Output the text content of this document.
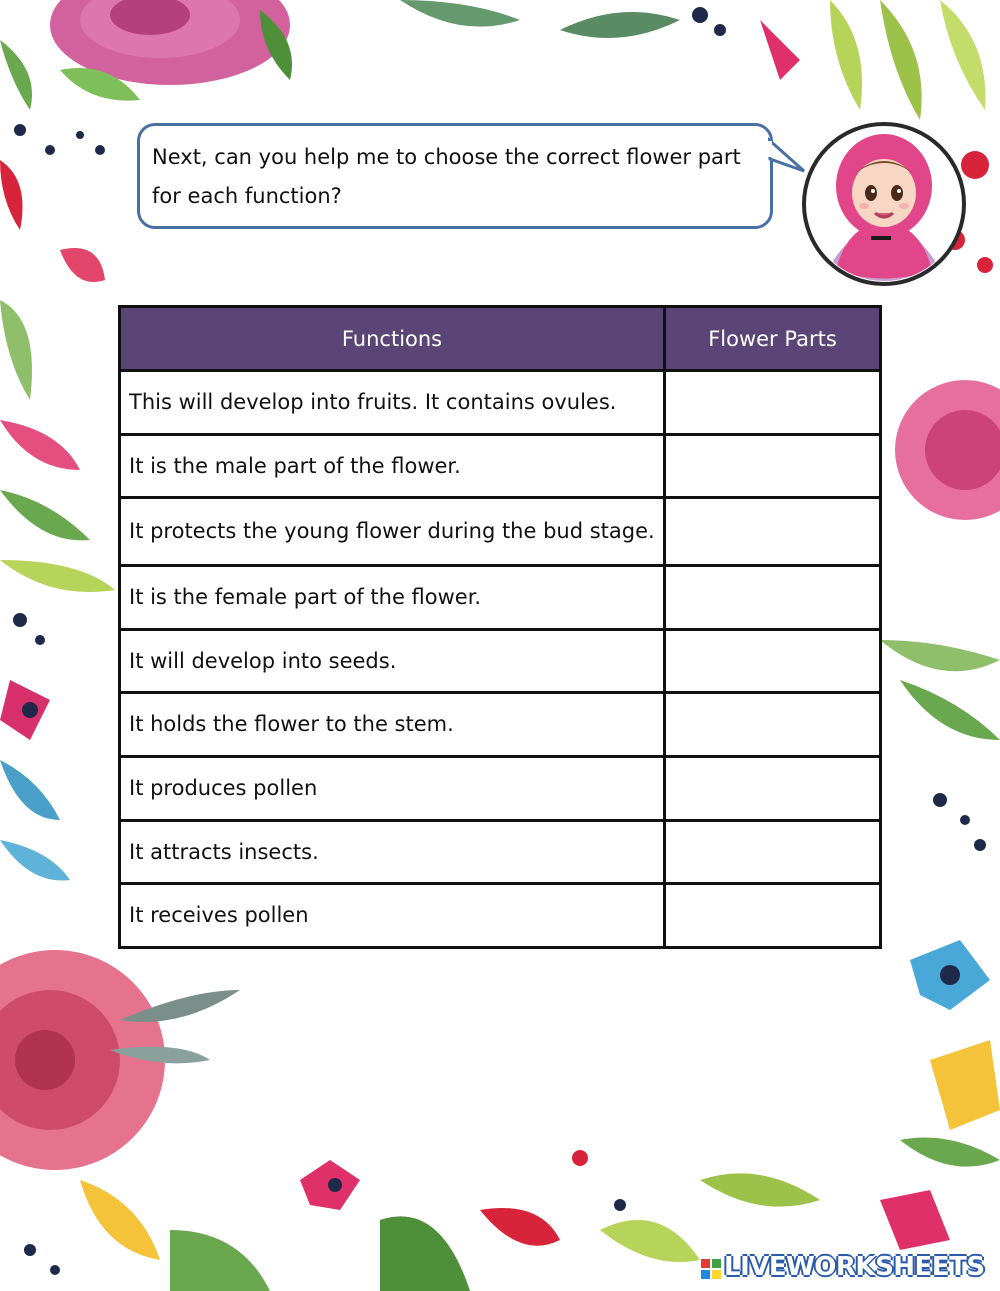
Next, can you help me to choose the correct flower part
for each function?
Functions	Flower Parts
This will develop into fruits. It contains ovules.	
It is the male part of the flower.	
It protects the young flower during the bud stage.	
It is the female part of the flower.	
It will develop into seeds.	
It holds the flower to the stem.	
It produces pollen	
It attracts insects.	
It receives pollen	
LIVEWORKSHEETS
